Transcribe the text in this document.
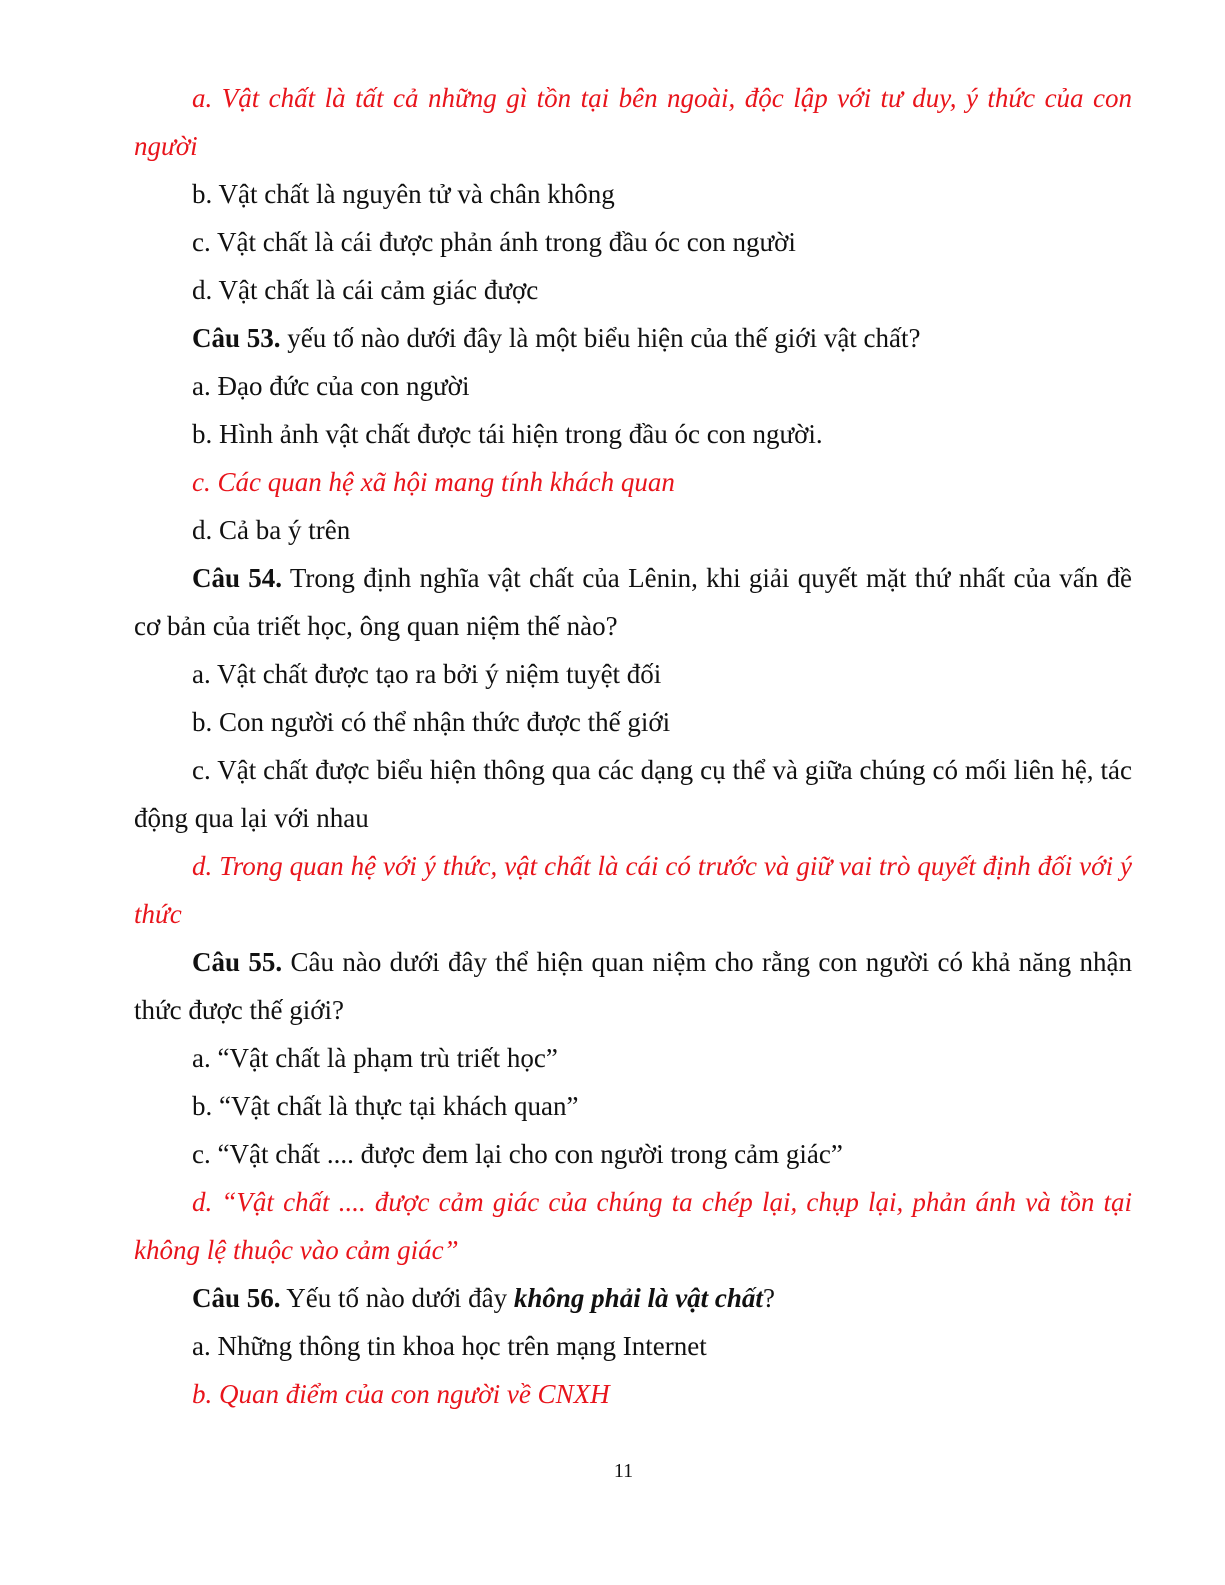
a. Vật chất là tất cả những gì tồn tại bên ngoài, độc lập với tư duy, ý thức của con người

b. Vật chất là nguyên tử và chân không

c. Vật chất là cái được phản ánh trong đầu óc con người

d. Vật chất là cái cảm giác được

Câu 53. yếu tố nào dưới đây là một biểu hiện của thế giới vật chất?

a. Đạo đức của con người

b. Hình ảnh vật chất được tái hiện trong đầu óc con người.

c. Các quan hệ xã hội mang tính khách quan

d. Cả ba ý trên

Câu 54. Trong định nghĩa vật chất của Lênin, khi giải quyết mặt thứ nhất của vấn đề cơ bản của triết học, ông quan niệm thế nào?

a. Vật chất được tạo ra bởi ý niệm tuyệt đối

b. Con người có thể nhận thức được thế giới

c. Vật chất được biểu hiện thông qua các dạng cụ thể và giữa chúng có mối liên hệ, tác động qua lại với nhau

d. Trong quan hệ với ý thức, vật chất là cái có trước và giữ vai trò quyết định đối với ý thức

Câu 55. Câu nào dưới đây thể hiện quan niệm cho rằng con người có khả năng nhận thức được thế giới?

a. “Vật chất là phạm trù triết học”

b. “Vật chất là thực tại khách quan”

c. “Vật chất .... được đem lại cho con người trong cảm giác”

d. “Vật chất .... được cảm giác của chúng ta chép lại, chụp lại, phản ánh và tồn tại không lệ thuộc vào cảm giác”

Câu 56. Yếu tố nào dưới đây không phải là vật chất?

a. Những thông tin khoa học trên mạng Internet

b. Quan điểm của con người về CNXH

11
